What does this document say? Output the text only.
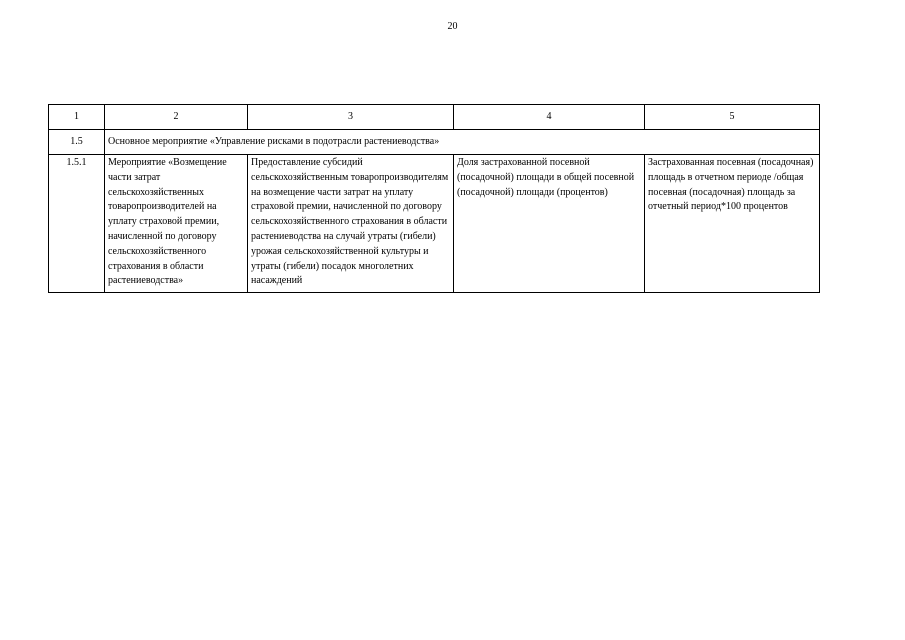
20
1	2	3	4	5
1.5	Основное мероприятие «Управление рисками в подотрасли растениеводства»			
1.5.1	Мероприятие «Возмещение части затрат сельскохозяйственных товаропроизводителей на уплату страховой премии, начисленной по договору сельскохозяйственного страхования в области растениеводства»	Предоставление субсидий сельскохозяйственным товаропроизводителям на возмещение части затрат на уплату страховой премии, начисленной по договору сельскохозяйственного страхования в области растениеводства на случай утраты (гибели) урожая сельскохозяйственной культуры и утраты (гибели) посадок многолетних насаждений	Доля застрахованной посевной (посадочной) площади в общей посевной (посадочной) площади (процентов)	Застрахованная посевная (посадочная) площадь в отчетном периоде /общая посевная (посадочная) площадь за отчетный период*100 процентов
